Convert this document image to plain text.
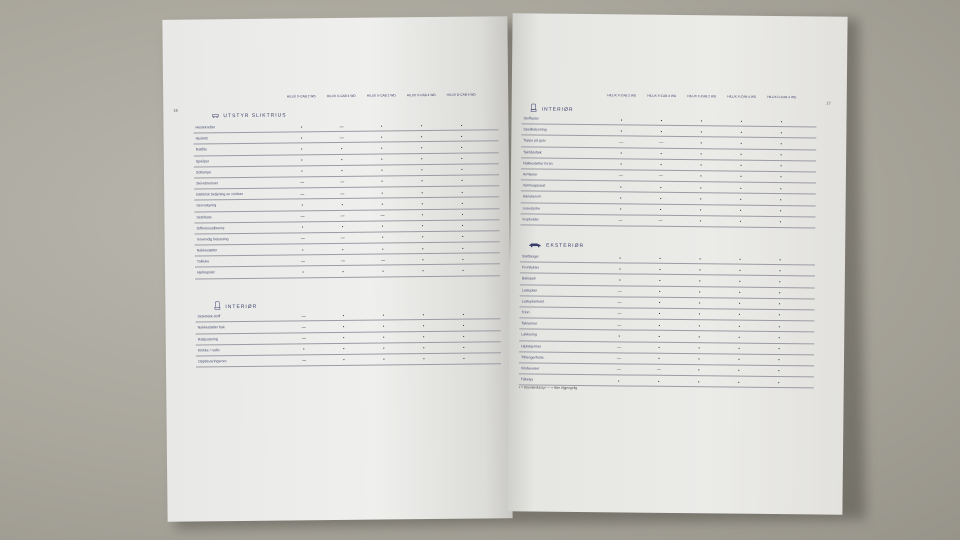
16
HILUX X-CAB 2 WD	HILUX X-CAB 4 WD	HILUX X-CAB 2 WD	HILUX X-CAB 4 WD	HILUX D-CAB 4 WD
UTSTYR SLIKTRIUS
Hestekrefter	•	—	•	•	•
Hjulsett	•	—	•	•	•
Rattlås	•	•	•	•	•
Speilpar	•	•	•	•	•
Sotlampe	•	•	•	•	•
Skivebremser	—	—	•	•	•
Elektrisk betjening av vinduer	—	—	•	•	•
Servostyring	•	•	•	•	•
Setefeste	—	—	—	•	•
Differensialbrems	•	•	•	•	•
Innvendig belysning	—	—	•	•	•
Nakkestøtter	•	•	•	•	•
Takluke	—	—	—	•	•
Hjulkapsler	•	•	•	•	•
INTERIØR
Setetrekk stoff	—	•	•	•	•
Nakkestøtter bak	—	•	•	•	•
Rattjustering	—	•	•	•	•
Klokke / radio	•	•	•	•	•
Oppbevaringsrom	—	•	•	•	•
17
HILUX X-CAB 2 WD	HILUX X-CAB 4 WD	HILUX X-CAB 2 WD	HILUX X-CAB 4 WD	HILUX D-CAB 4 WD
INTERIØR
Stoffseter	•	•	•	•	•
Speilbelysning	•	•	•	•	•
Teppe på gulv	—	—	•	•	•
Takhåndtak	•	•	•	•	•
Nakkestøtter foran	•	•	•	•	•
Armlener	—	—	•	•	•
Varmeapparat	•	•	•	•	•
Hanskerom	•	•	•	•	•
Lesestyrke	•	•	•	•	•
Kopholder	—	—	•	•	•
EKSTERIØR
Støtfanger	•	•	•	•	•
Frontlykter	•	•	•	•	•
Bakspeil	•	•	•	•	•
Lasteplan	—	•	•	•	•
Lasteplankant	—	•	•	•	•
Trinn	—	•	•	•	•
Takrenner	—	•	•	•	•
Lakkering	•	•	•	•	•
Hjulskjermer	—	•	•	•	•
Tilhengerfeste	—	•	•	•	•
Vindavviser	—	—	•	•	•
Tåkelys	•	•	•	•	•
• = Standardutstyr — = Ikke tilgjengelig
